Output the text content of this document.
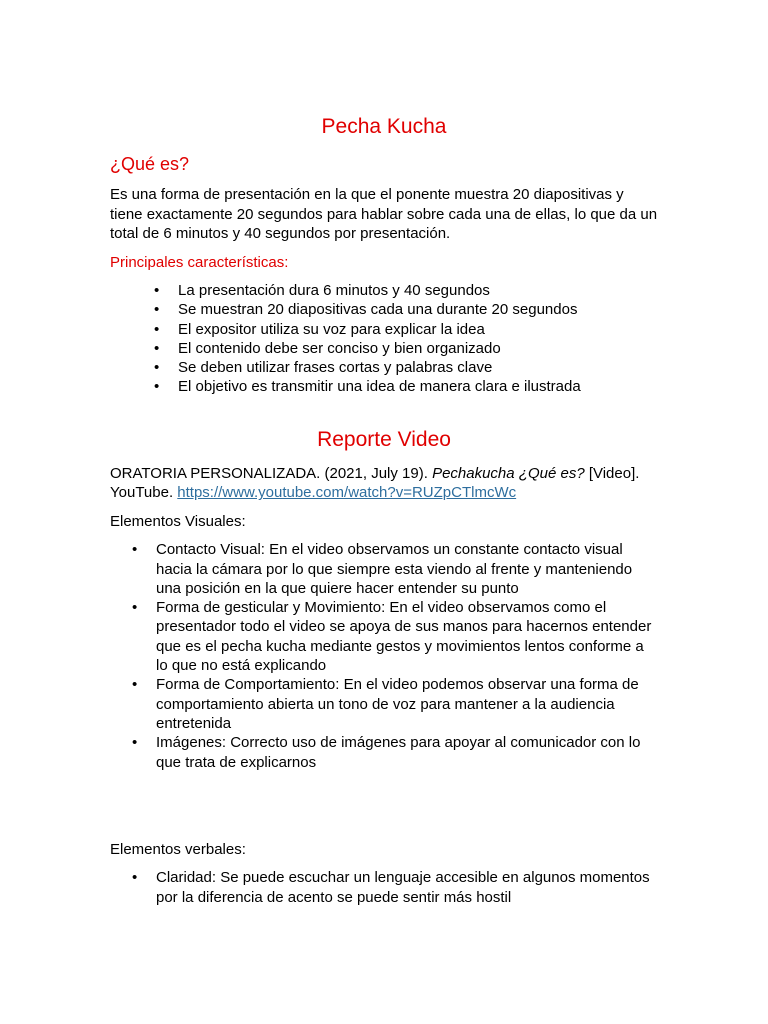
Pecha Kucha
¿Qué es?

Es una forma de presentación en la que el ponente muestra 20 diapositivas y tiene exactamente 20 segundos para hablar sobre cada una de ellas, lo que da un total de 6 minutos y 40 segundos por presentación.

Principales características:

• La presentación dura 6 minutos y 40 segundos
• Se muestran 20 diapositivas cada una durante 20 segundos
• El expositor utiliza su voz para explicar la idea
• El contenido debe ser conciso y bien organizado
• Se deben utilizar frases cortas y palabras clave
• El objetivo es transmitir una idea de manera clara e ilustrada
Reporte Video

ORATORIA PERSONALIZADA. (2021, July 19). Pechakucha ¿Qué es? [Video]. YouTube. https://www.youtube.com/watch?v=RUZpCTlmcWc

Elementos Visuales:

• Contacto Visual: En el video observamos un constante contacto visual hacia la cámara por lo que siempre esta viendo al frente y manteniendo una posición en la que quiere hacer entender su punto
• Forma de gesticular y Movimiento: En el video observamos como el presentador todo el video se apoya de sus manos para hacernos entender que es el pecha kucha mediante gestos y movimientos lentos conforme a lo que no está explicando
• Forma de Comportamiento: En el video podemos observar una forma de comportamiento abierta un tono de voz para mantener a la audiencia entretenida
• Imágenes: Correcto uso de imágenes para apoyar al comunicador con lo que trata de explicarnos

Elementos verbales:

• Claridad: Se puede escuchar un lenguaje accesible en algunos momentos por la diferencia de acento se puede sentir más hostil
